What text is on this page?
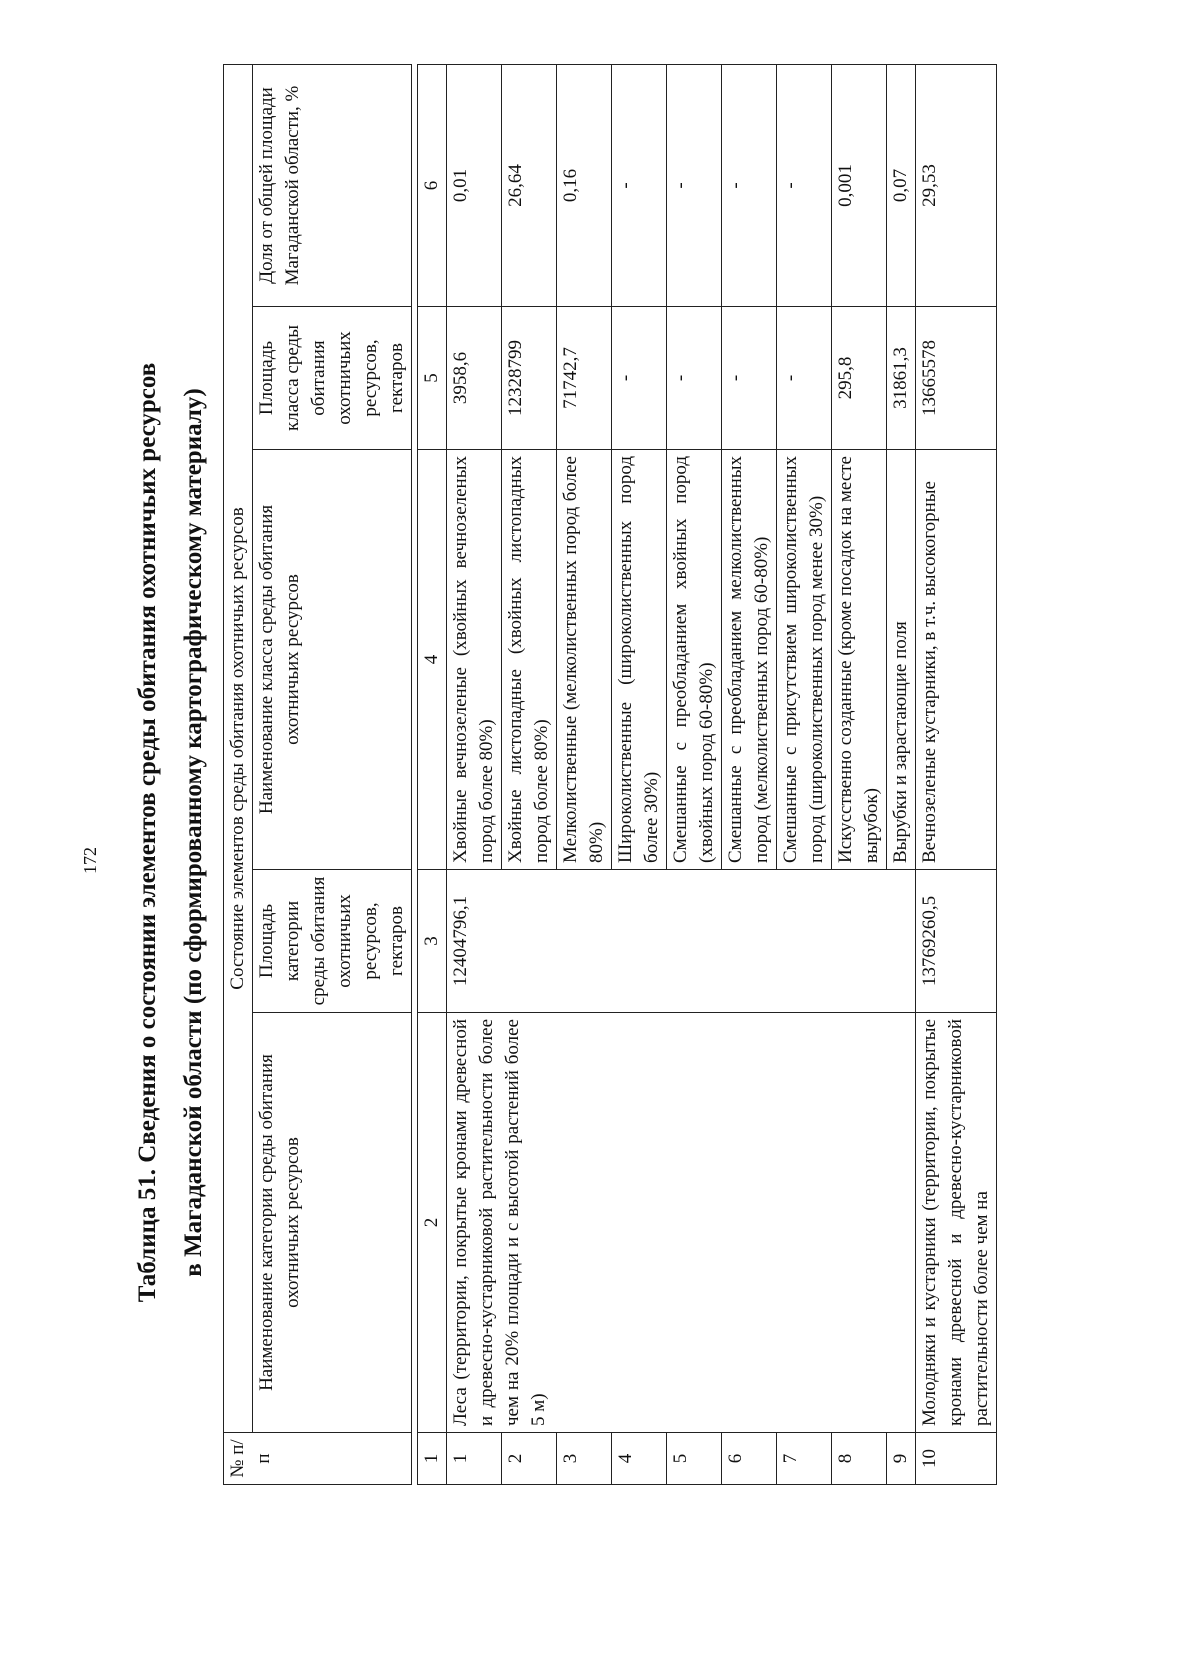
172 Таблица 51. Сведения о состоянии элементов среды обитания охотничьих ресурсов в Магаданской области (по сформированному картографическому материалу)
№ п/п	Состояние элементов среды обитания охотничьих ресурсов				
	Наименование категории среды обитания охотничьих ресурсов	Площадь категории среды обитания охотничьих ресурсов, гектаров	Наименование класса среды обитания охотничьих ресурсов	Площадь класса среды обитания охотничьих ресурсов, гектаров	Доля от общей площади Магаданской области, %

1	2	3	4	5	6
1	Леса (территории, покрытые кронами древесной и древесно-кустарниковой растительности более чем на 20% площади и с высотой растений более 5 м)	12404796,1	Хвойные вечнозеленые (хвойных вечнозеленых пород более 80%)	3958,6	0,01
2			Хвойные листопадные (хвойных листопадных пород более 80%)	12328799	26,64
3			Мелколиственные (мелколиственных пород более 80%)	71742,7	0,16
4			Широколиственные (широколиственных пород более 30%)	-	-
5			Смешанные с преобладанием хвойных пород (хвойных пород 60-80%)	-	-
6			Смешанные с преобладанием мелколиственных пород (мелколиственных пород 60-80%)	-	-
7			Смешанные с присутствием широколиственных пород (широколиственных пород менее 30%)	-	-
8			Искусственно созданные (кроме посадок на месте вырубок)	295,8	0,001
9			Вырубки и зарастающие поля	31861,3	0,07
10	Молодняки и кустарники (территории, покрытые кронами древесной и древесно-кустарниковой растительности более чем на	13769260,5	Вечнозеленые кустарники, в т.ч. высокогорные	13665578	29,53
